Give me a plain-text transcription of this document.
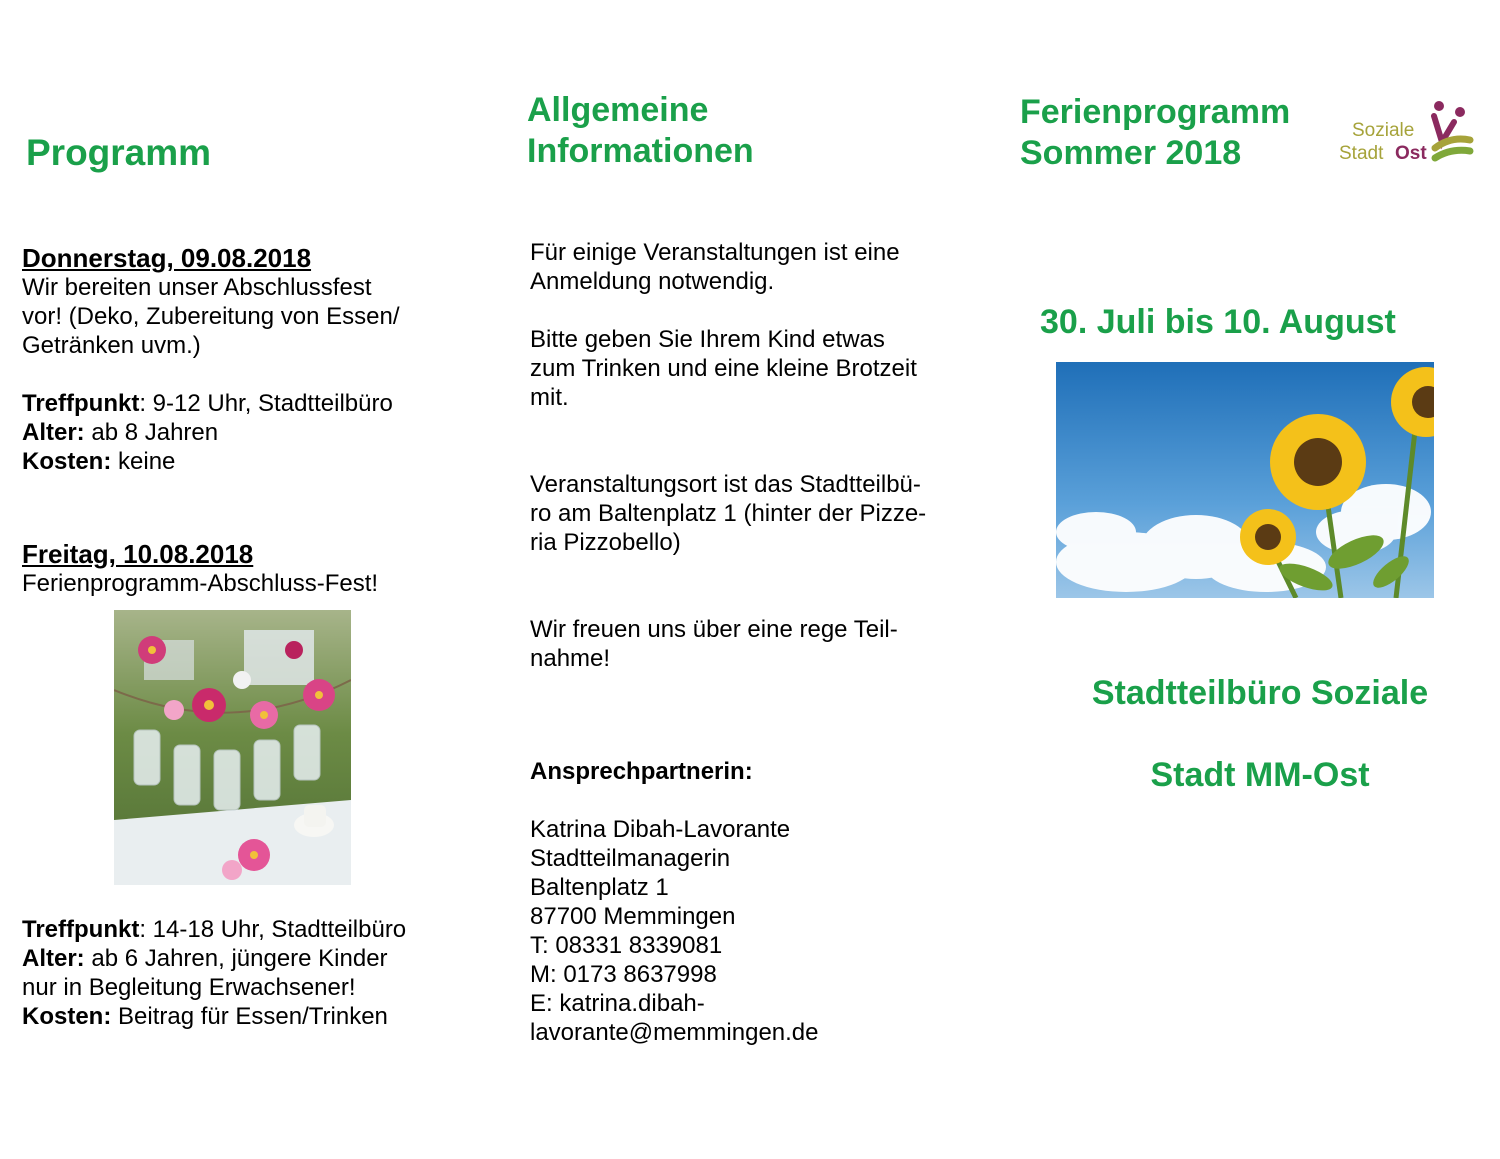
Programm
Donnerstag, 09.08.2018
Wir bereiten unser Abschlussfest
vor! (Deko, Zubereitung von Essen/
Getränken uvm.)
Treffpunkt: 9-12 Uhr, Stadtteilbüro
Alter: ab 8 Jahren
Kosten: keine
Freitag, 10.08.2018
Ferienprogramm-Abschluss-Fest!
Treffpunkt: 14-18 Uhr, Stadtteilbüro
Alter: ab 6 Jahren, jüngere Kinder
nur in Begleitung Erwachsener!
Kosten: Beitrag für Essen/Trinken
Allgemeine
Informationen
Für einige Veranstaltungen ist eine
Anmeldung notwendig.
Bitte geben Sie Ihrem Kind etwas
zum Trinken und eine kleine Brotzeit
mit.
Veranstaltungsort ist das Stadtteilbü-
ro am Baltenplatz 1 (hinter der Pizze-
ria Pizzobello)
Wir freuen uns über eine rege Teil-
nahme!
Ansprechpartnerin:
Katrina Dibah-Lavorante
Stadtteilmanagerin
Baltenplatz 1
87700 Memmingen
T: 08331 8339081
M: 0173 8637998
E: katrina.dibah-
lavorante@memmingen.de
Ferienprogramm
Sommer 2018
Soziale
Stadt Ost
30. Juli bis 10. August
Stadtteilbüro Soziale
Stadt MM-Ost
